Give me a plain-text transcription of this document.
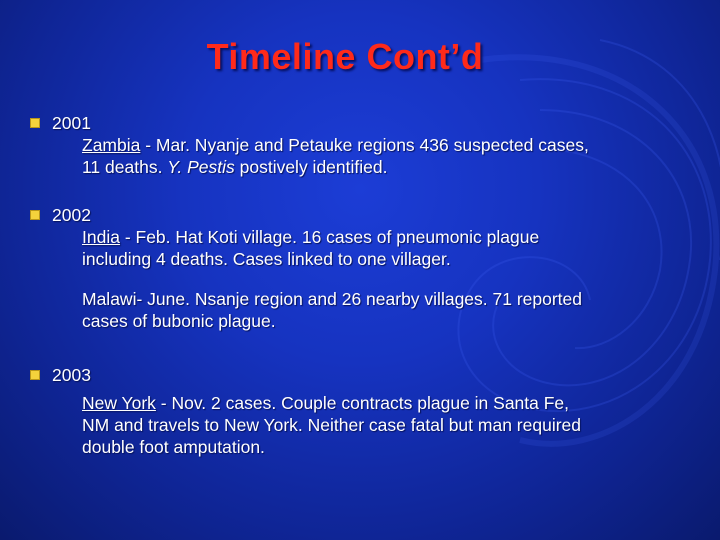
Timeline Cont’d
2001
Zambia - Mar. Nyanje and Petauke regions 436 suspected cases,
11 deaths. Y. Pestis postively identified.
2002
India - Feb. Hat Koti village. 16 cases of pneumonic plague
including 4 deaths. Cases linked to one villager.
Malawi- June. Nsanje region and 26 nearby villages. 71 reported
cases of bubonic plague.
2003
New York - Nov. 2 cases. Couple contracts plague in Santa Fe,
NM and travels to New York. Neither case fatal but man required
double foot amputation.
